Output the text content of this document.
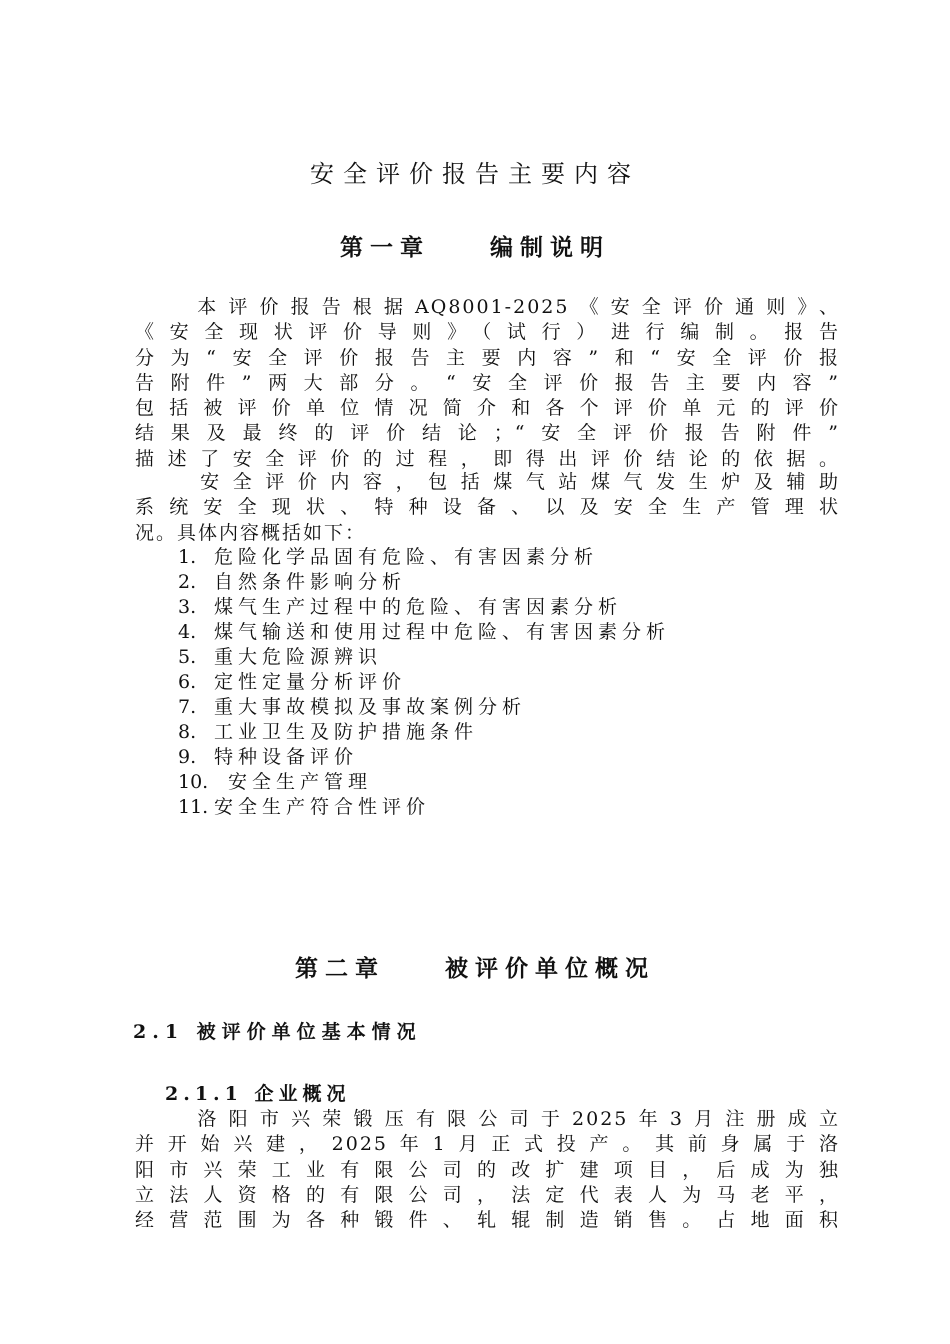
安全评价报告主要内容
第一章    编制说明

　　本评价报告根据AQ8001-2025《安全评价通则》、
《安全现状评价导则》（试行）进行编制。报告
分为“安全评价报告主要内容”和“安全评价报
告附件”两大部分。“安全评价报告主要内容”
包括被评价单位情况简介和各个评价单元的评价
结果及最终的评价结论；“安全评价报告附件”
描述了安全评价的过程，即得出评价结论的依据。

　　安全评价内容，包括煤气站煤气发生炉及辅助
系统安全现状、特种设备、以及安全生产管理状
况。具体内容概括如下：

1. 危险化学品固有危险、有害因素分析
2. 自然条件影响分析
3. 煤气生产过程中的危险、有害因素分析
4. 煤气输送和使用过程中危险、有害因素分析
5. 重大危险源辨识
6. 定性定量分析评价
7. 重大事故模拟及事故案例分析
8. 工业卫生及防护措施条件
9. 特种设备评价
10. 安全生产管理
11. 安全生产符合性评价
第二章    被评价单位概况
2.1 被评价单位基本情况
2.1.1 企业概况

　　洛阳市兴荣锻压有限公司于2025年3月注册成立
并开始兴建，2025年1月正式投产。其前身属于洛
阳市兴荣工业有限公司的改扩建项目，后成为独
立法人资格的有限公司，法定代表人为马老平，
经营范围为各种锻件、轧辊制造销售。占地面积
